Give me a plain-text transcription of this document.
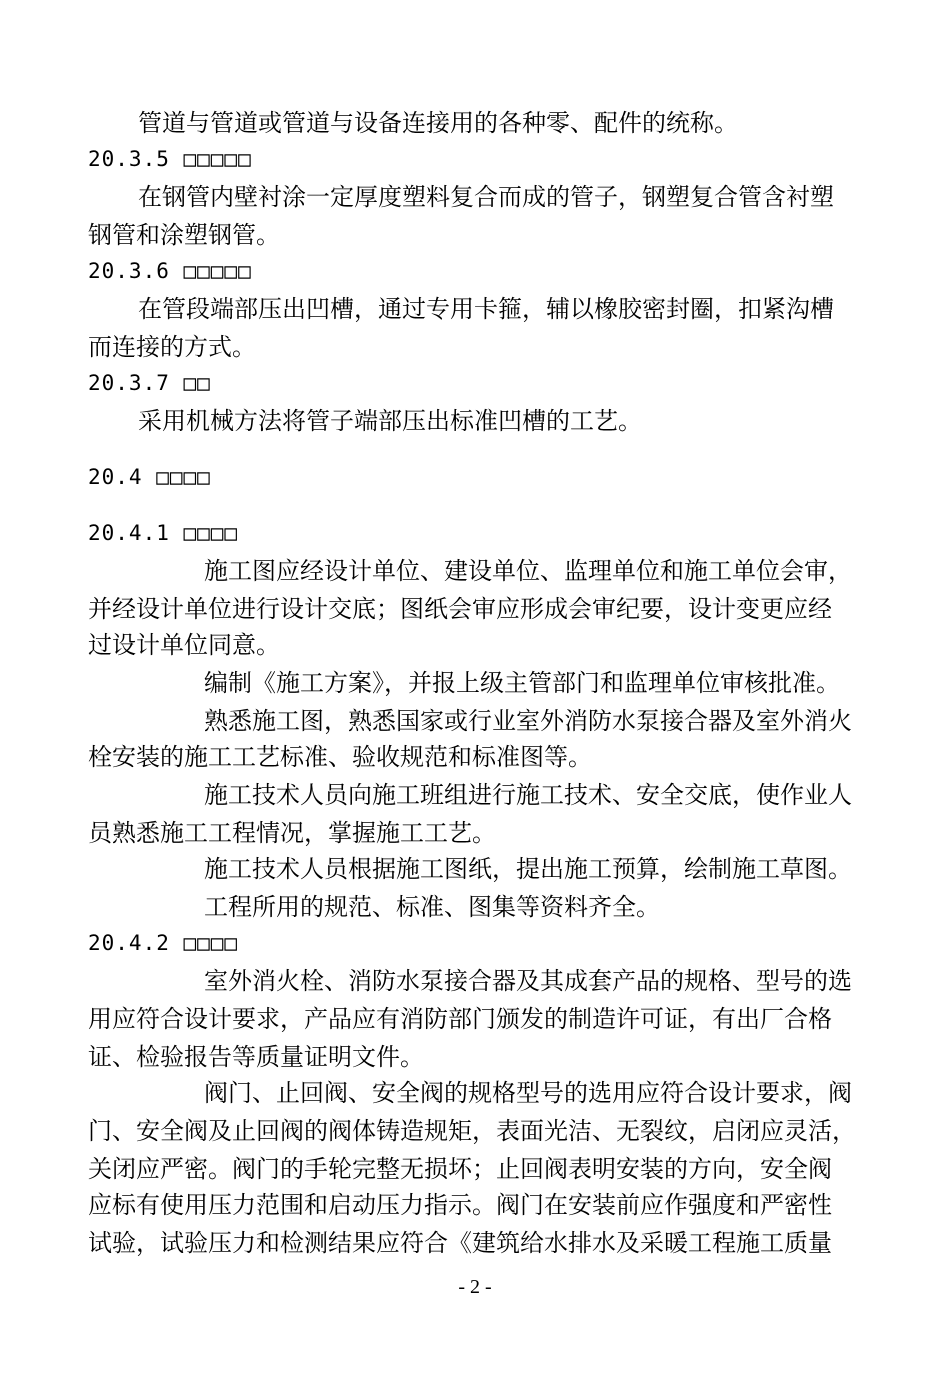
管道与管道或管道与设备连接用的各种零、配件的统称。
20.3.5 □□□□□
在钢管内壁衬涂一定厚度塑料复合而成的管子，钢塑复合管含衬塑
钢管和涂塑钢管。
20.3.6 □□□□□
在管段端部压出凹槽，通过专用卡箍，辅以橡胶密封圈，扣紧沟槽
而连接的方式。
20.3.7 □□
采用机械方法将管子端部压出标准凹槽的工艺。
20.4 □□□□
20.4.1 □□□□
施工图应经设计单位、建设单位、监理单位和施工单位会审，
并经设计单位进行设计交底；图纸会审应形成会审纪要，设计变更应经
过设计单位同意。
编制《施工方案》，并报上级主管部门和监理单位审核批准。
熟悉施工图，熟悉国家或行业室外消防水泵接合器及室外消火
栓安装的施工工艺标准、验收规范和标准图等。
施工技术人员向施工班组进行施工技术、安全交底，使作业人
员熟悉施工工程情况，掌握施工工艺。
施工技术人员根据施工图纸，提出施工预算，绘制施工草图。
工程所用的规范、标准、图集等资料齐全。
20.4.2 □□□□
室外消火栓、消防水泵接合器及其成套产品的规格、型号的选
用应符合设计要求，产品应有消防部门颁发的制造许可证，有出厂合格
证、检验报告等质量证明文件。
阀门、止回阀、安全阀的规格型号的选用应符合设计要求，阀
门、安全阀及止回阀的阀体铸造规矩，表面光洁、无裂纹，启闭应灵活，
关闭应严密。阀门的手轮完整无损坏；止回阀表明安装的方向，安全阀
应标有使用压力范围和启动压力指示。阀门在安装前应作强度和严密性
试验，试验压力和检测结果应符合《建筑给水排水及采暖工程施工质量
- 2 -
